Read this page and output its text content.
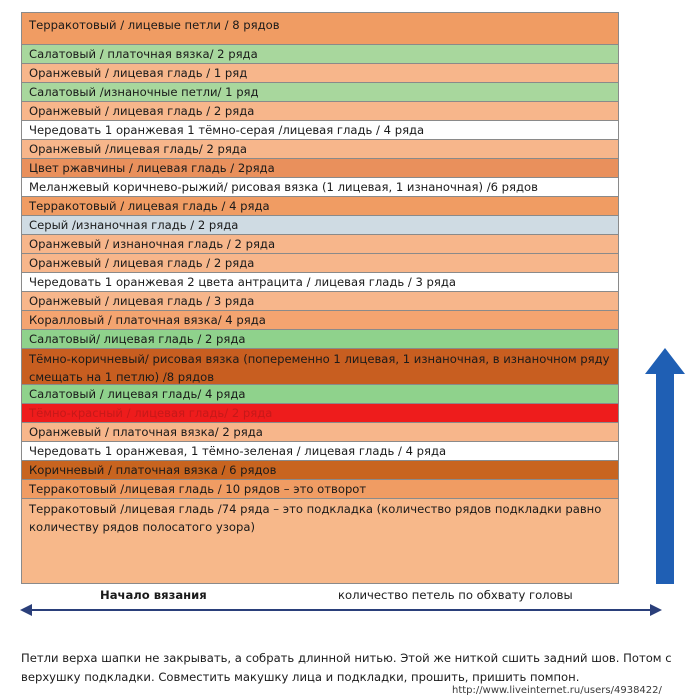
Терракотовый / лицевые петли / 8 рядов
Салатовый / платочная вязка/ 2 ряда
Оранжевый / лицевая гладь / 1 ряд
Салатовый /изнаночные петли/ 1 ряд
Оранжевый / лицевая гладь / 2 ряда
Чередовать 1 оранжевая 1 тёмно-серая /лицевая гладь / 4 ряда
Оранжевый /лицевая гладь/ 2 ряда
Цвет ржавчины / лицевая гладь / 2ряда
Меланжевый коричнево-рыжий/ рисовая вязка (1 лицевая, 1 изнаночная) /6 рядов
Терракотовый / лицевая гладь / 4 ряда
Серый /изнаночная гладь / 2 ряда
Оранжевый / изнаночная гладь / 2 ряда
Оранжевый / лицевая гладь / 2 ряда
Чередовать 1 оранжевая 2 цвета антрацита / лицевая гладь / 3 ряда
Оранжевый / лицевая гладь / 3 ряда
Коралловый / платочная вязка/ 4 ряда
Салатовый/ лицевая гладь / 2 ряда
Тёмно-коричневый/ рисовая вязка (попеременно 1 лицевая, 1 изнаночная, в изнаночном ряду смещать на 1 петлю) /8 рядов
Салатовый / лицевая гладь/ 4 ряда
Тёмно-красный / лицевая гладь/ 2 ряда
Оранжевый / платочная вязка/ 2 ряда
Чередовать 1 оранжевая, 1 тёмно-зеленая / лицевая гладь / 4 ряда
Коричневый / платочная вязка / 6 рядов
Терракотовый /лицевая гладь / 10 рядов – это отворот
Терракотовый /лицевая гладь /74 ряда – это подкладка (количество рядов подкладки равно количеству рядов полосатого узора)
Начало вязания	количество петель по обхвату головы
Петли верха шапки не закрывать, а собрать длинной нитью. Этой же ниткой сшить задний шов. Потом с
верхушку подкладки. Совместить макушку лица и подкладки, прошить, пришить помпон.
http://www.liveinternet.ru/users/4938422/
